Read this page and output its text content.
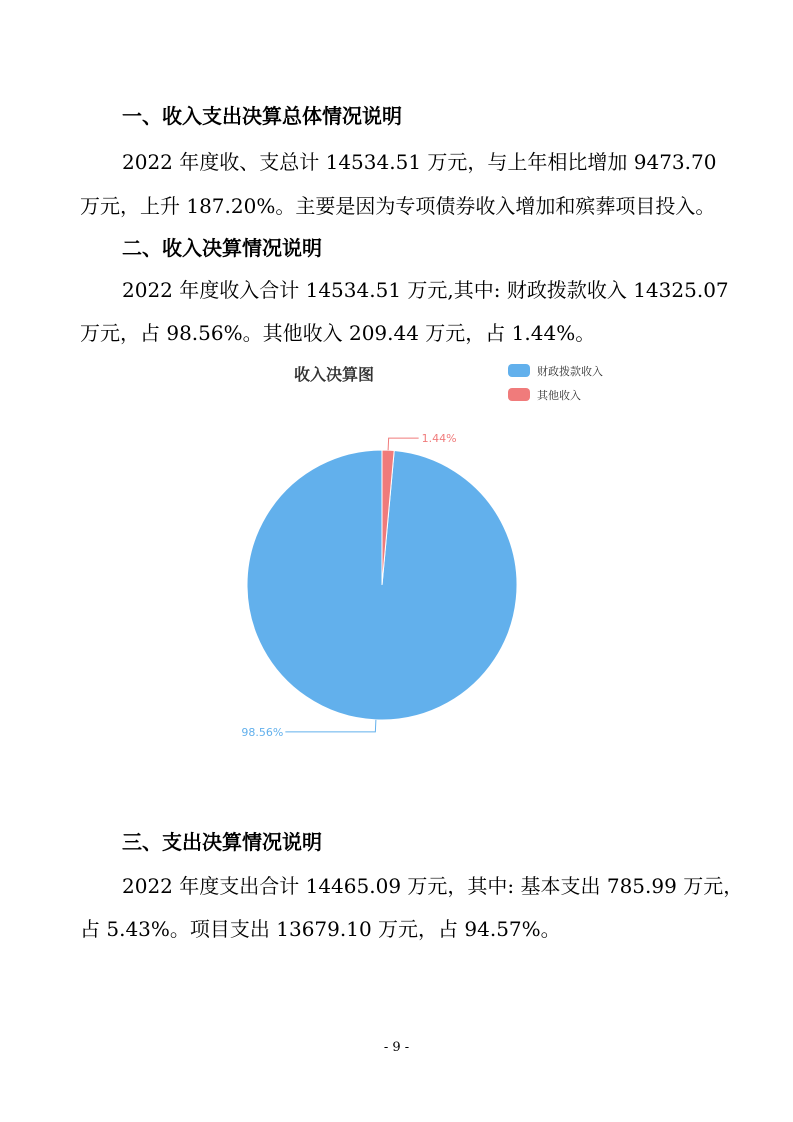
一、收入支出决算总体情况说明
2022 年度收、支总计 14534.51 万元，与上年相比增加 9473.70
万元，上升 187.20%。主要是因为专项债券收入增加和殡葬项目投入。
二、收入决算情况说明
2022 年度收入合计 14534.51 万元,其中: 财政拨款收入 14325.07
万元，占 98.56%。其他收入 209.44 万元，占 1.44%。
收入决算图	财政拨款收入
其他收入
98.56%
1.44%
- 9 -
三、支出决算情况说明
2022 年度支出合计 14465.09 万元，其中: 基本支出 785.99 万元，
占 5.43%。项目支出 13679.10 万元，占 94.57%。
